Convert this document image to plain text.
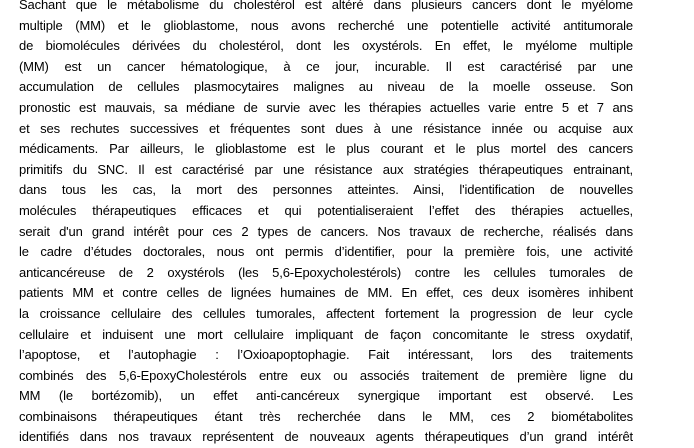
Sachant que le métabolisme du cholestérol est altéré dans plusieurs cancers dont le myélome
multiple (MM) et le glioblastome, nous avons recherché une potentielle activité antitumorale
de biomolécules dérivées du cholestérol, dont les oxystérols. En effet, le myélome multiple
(MM) est un cancer hématologique, à ce jour, incurable. Il est caractérisé par une
accumulation de cellules plasmocytaires malignes au niveau de la moelle osseuse. Son
pronostic est mauvais, sa médiane de survie avec les thérapies actuelles varie entre 5 et 7 ans
et ses rechutes successives et fréquentes sont dues à une résistance innée ou acquise aux
médicaments. Par ailleurs, le glioblastome est le plus courant et le plus mortel des cancers
primitifs du SNC. Il est caractérisé par une résistance aux stratégies thérapeutiques entrainant,
dans tous les cas, la mort des personnes atteintes. Ainsi, l'identification de nouvelles
molécules thérapeutiques efficaces et qui potentialiseraient l’effet des thérapies actuelles,
serait d'un grand intérêt pour ces 2 types de cancers. Nos travaux de recherche, réalisés dans
le cadre d’études doctorales, nous ont permis d’identifier, pour la première fois, une activité
anticancéreuse de 2 oxystérols (les 5,6-Epoxycholestérols) contre les cellules tumorales de
patients MM et contre celles de lignées humaines de MM. En effet, ces deux isomères inhibent
la croissance cellulaire des cellules tumorales, affectent fortement la progression de leur cycle
cellulaire et induisent une mort cellulaire impliquant de façon concomitante le stress oxydatif,
l’apoptose, et l’autophagie : l’Oxioapoptophagie. Fait intéressant, lors des traitements
combinés des 5,6-EpoxyCholestérols entre eux ou associés traitement de première ligne du
MM (le bortézomib), un effet anti-cancéreux synergique important est observé. Les
combinaisons thérapeutiques étant très recherchée dans le MM, ces 2 biométabolites
identifiés dans nos travaux représentent de nouveaux agents thérapeutiques d’un grand intérêt
